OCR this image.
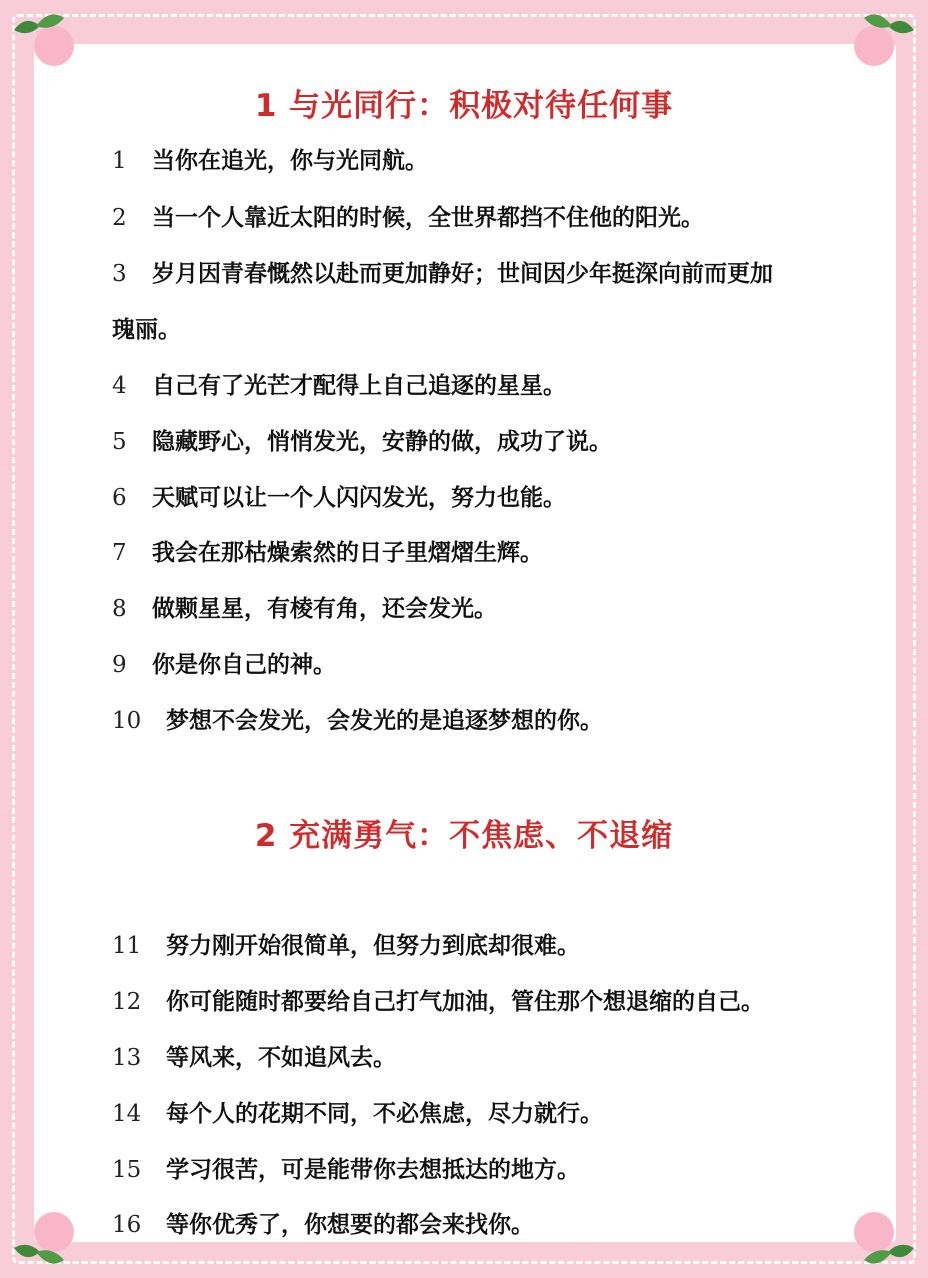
1 与光同行：积极对待任何事
1 当你在追光，你与光同航。
2 当一个人靠近太阳的时候，全世界都挡不住他的阳光。
3 岁月因青春慨然以赴而更加静好；世间因少年挺深向前而更加
瑰丽。
4 自己有了光芒才配得上自己追逐的星星。
5 隐藏野心，悄悄发光，安静的做，成功了说。
6 天赋可以让一个人闪闪发光，努力也能。
7 我会在那枯燥索然的日子里熠熠生辉。
8 做颗星星，有棱有角，还会发光。
9 你是你自己的神。
10 梦想不会发光，会发光的是追逐梦想的你。
2 充满勇气：不焦虑、不退缩
11 努力刚开始很简单，但努力到底却很难。
12 你可能随时都要给自己打气加油，管住那个想退缩的自己。
13 等风来，不如追风去。
14 每个人的花期不同，不必焦虑，尽力就行。
15 学习很苦，可是能带你去想抵达的地方。
16 等你优秀了，你想要的都会来找你。
